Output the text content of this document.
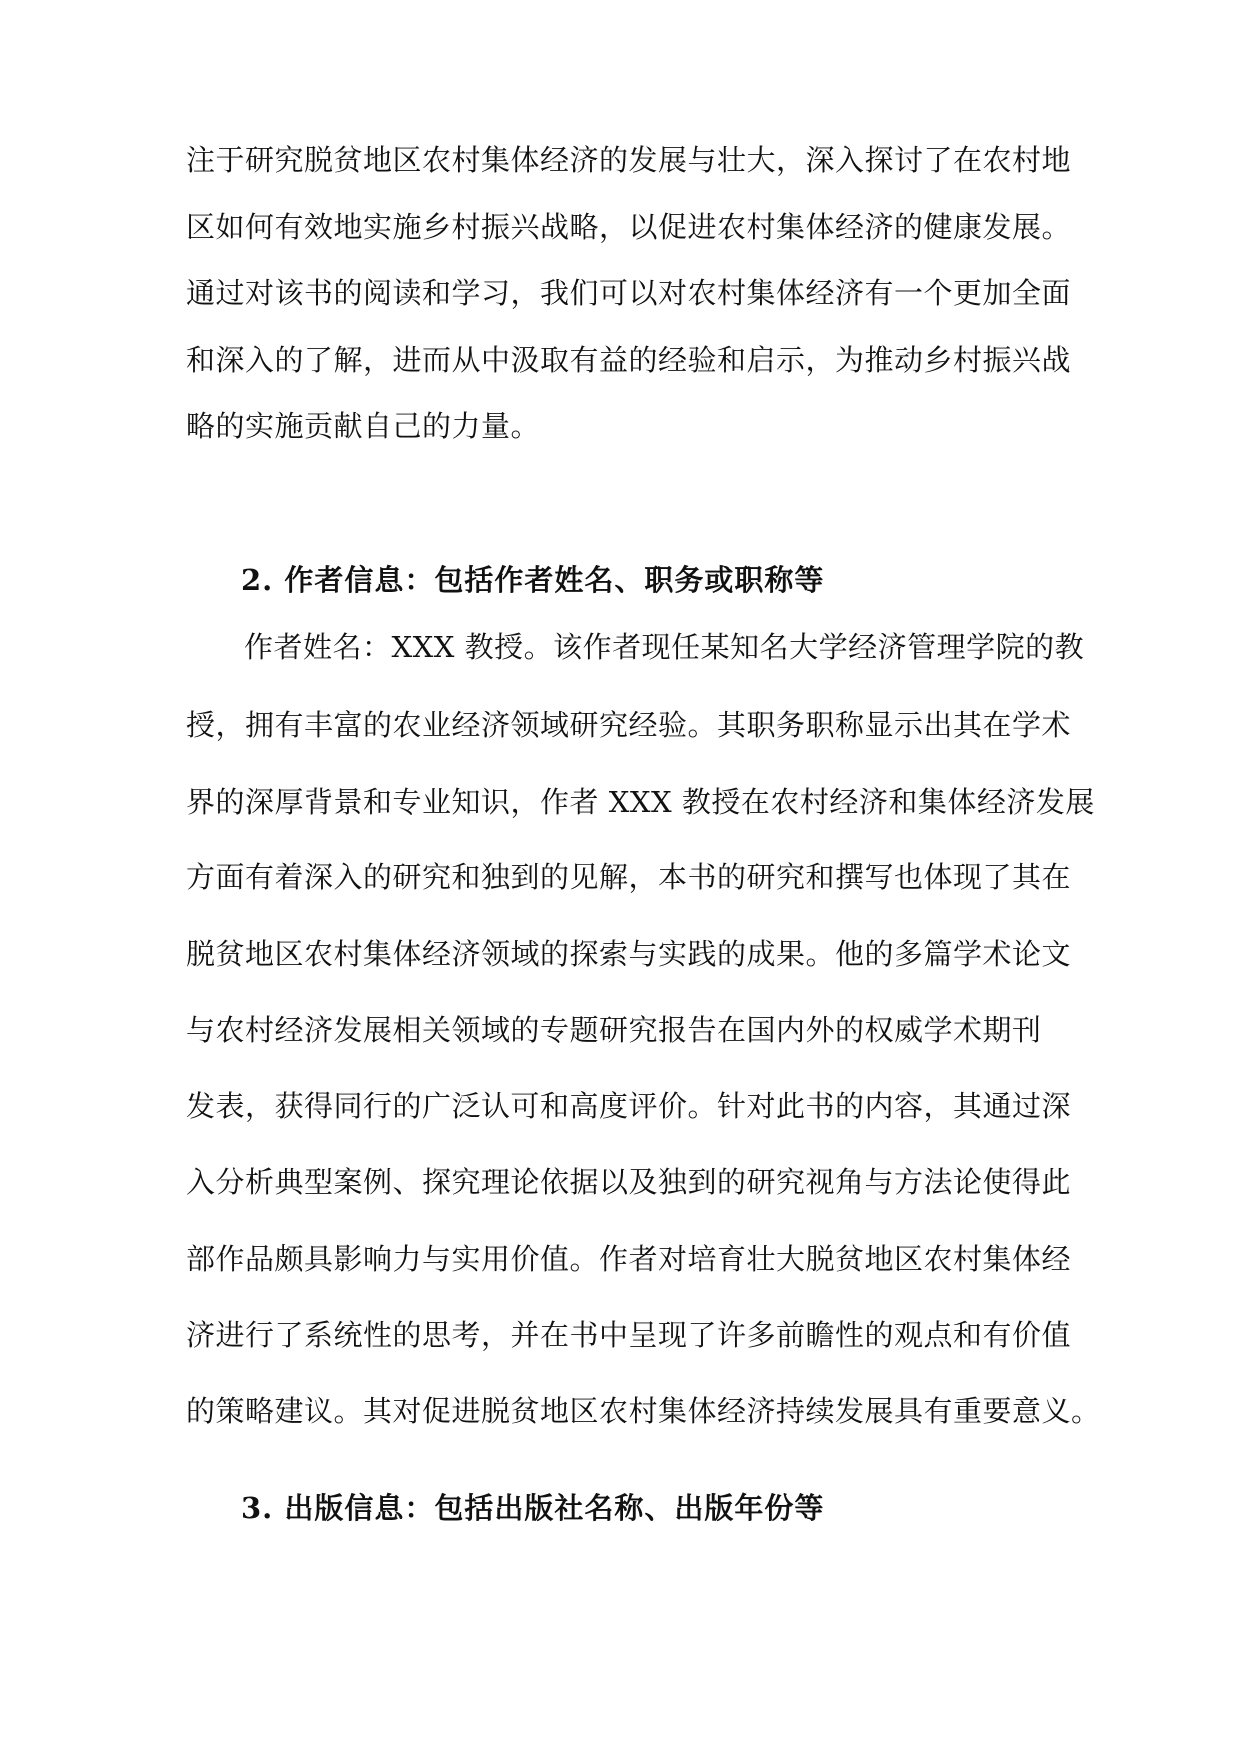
注于研究脱贫地区农村集体经济的发展与壮大，深入探讨了在农村地
区如何有效地实施乡村振兴战略，以促进农村集体经济的健康发展。
通过对该书的阅读和学习，我们可以对农村集体经济有一个更加全面
和深入的了解，进而从中汲取有益的经验和启示，为推动乡村振兴战
略的实施贡献自己的力量。
2. 作者信息：包括作者姓名、职务或职称等
作者姓名：XXX 教授。该作者现任某知名大学经济管理学院的教
授，拥有丰富的农业经济领域研究经验。其职务职称显示出其在学术
界的深厚背景和专业知识，作者 XXX 教授在农村经济和集体经济发展
方面有着深入的研究和独到的见解，本书的研究和撰写也体现了其在
脱贫地区农村集体经济领域的探索与实践的成果。他的多篇学术论文
与农村经济发展相关领域的专题研究报告在国内外的权威学术期刊
发表，获得同行的广泛认可和高度评价。针对此书的内容，其通过深
入分析典型案例、探究理论依据以及独到的研究视角与方法论使得此
部作品颇具影响力与实用价值。作者对培育壮大脱贫地区农村集体经
济进行了系统性的思考，并在书中呈现了许多前瞻性的观点和有价值
的策略建议。其对促进脱贫地区农村集体经济持续发展具有重要意义。
3. 出版信息：包括出版社名称、出版年份等
